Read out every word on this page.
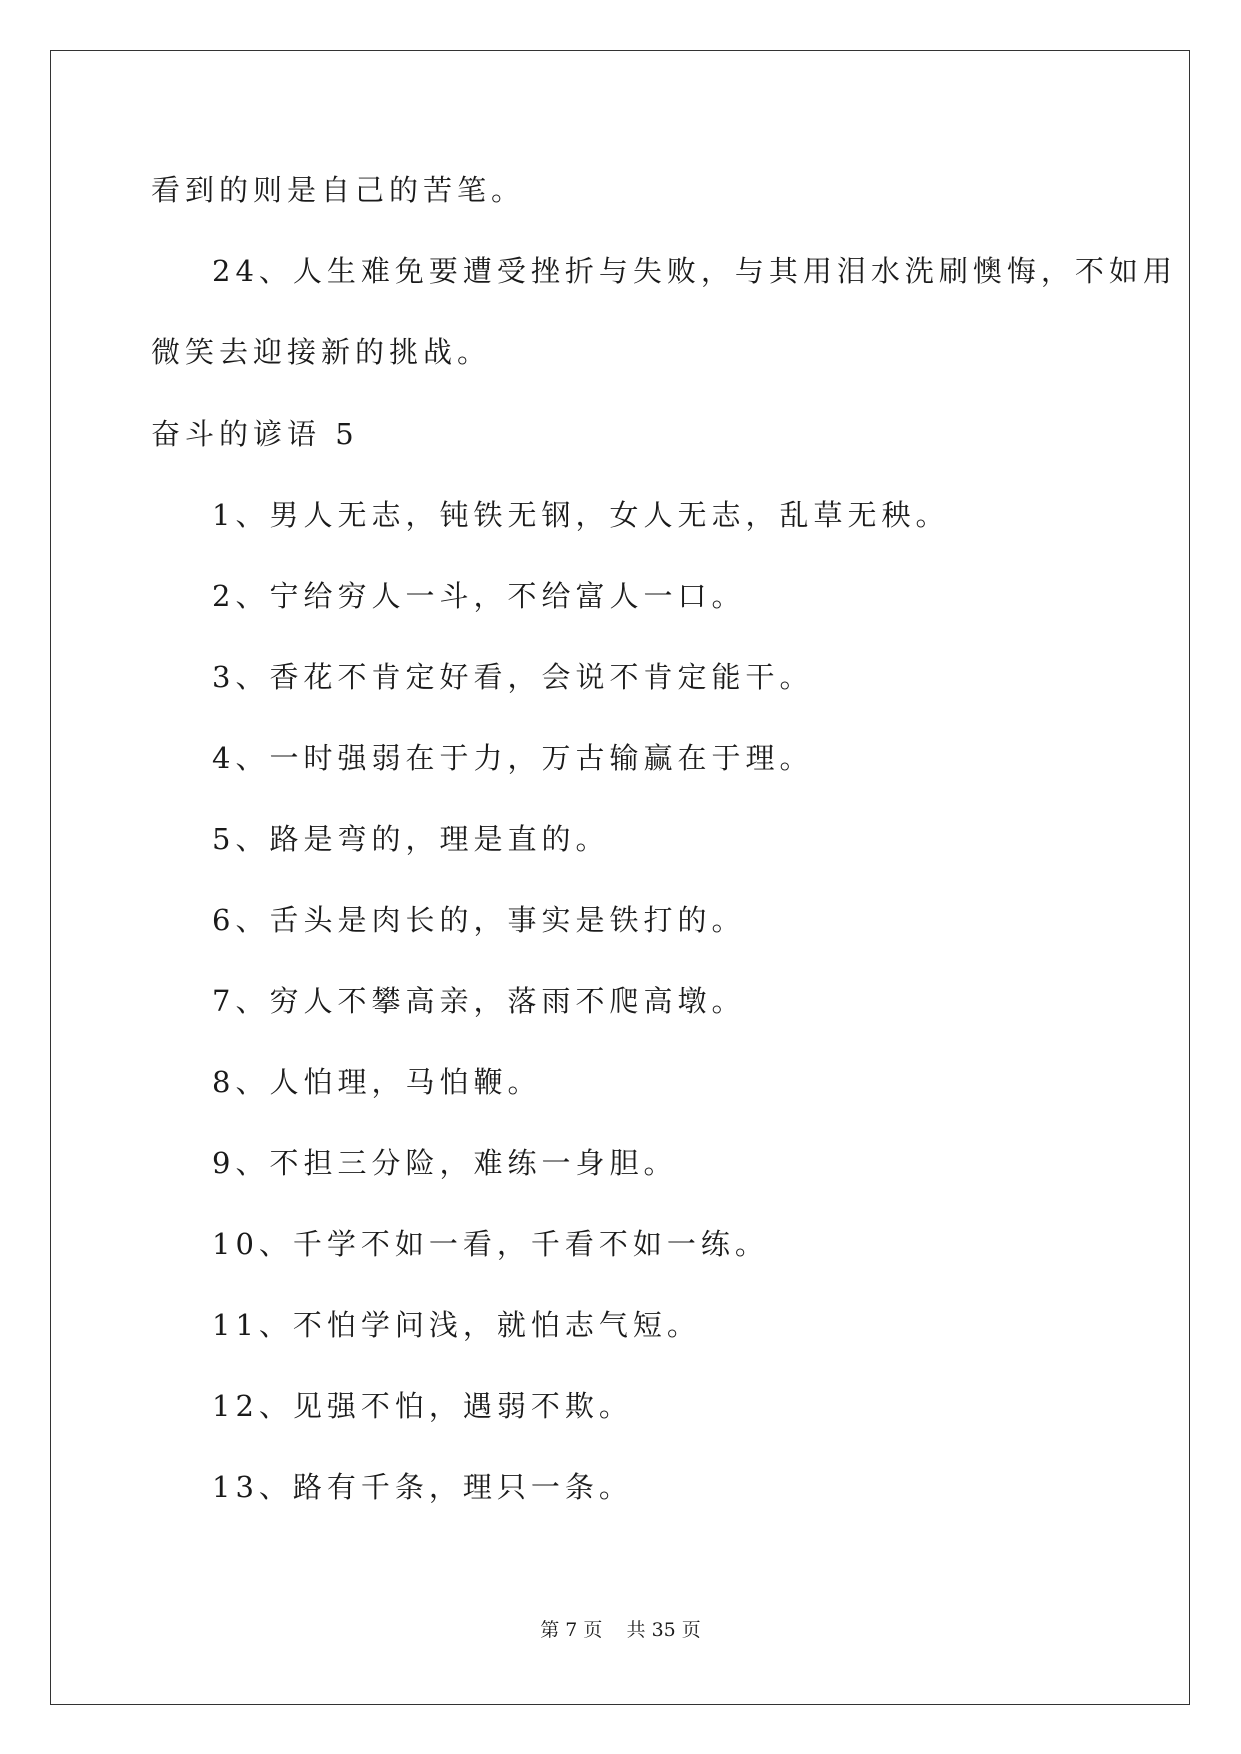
看到的则是自己的苦笔。
24、人生难免要遭受挫折与失败，与其用泪水洗刷懊悔，不如用
微笑去迎接新的挑战。
奋斗的谚语 5
1、男人无志，钝铁无钢，女人无志，乱草无秧。
2、宁给穷人一斗，不给富人一口。
3、香花不肯定好看，会说不肯定能干。
4、一时强弱在于力，万古输赢在于理。
5、路是弯的，理是直的。
6、舌头是肉长的，事实是铁打的。
7、穷人不攀高亲，落雨不爬高墩。
8、人怕理，马怕鞭。
9、不担三分险，难练一身胆。
10、千学不如一看，千看不如一练。
11、不怕学问浅，就怕志气短。
12、见强不怕，遇弱不欺。
13、路有千条，理只一条。
第 7 页    共 35 页
